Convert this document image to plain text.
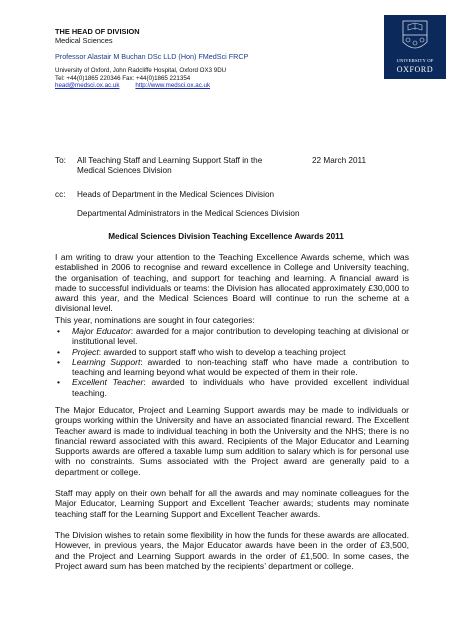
THE HEAD OF DIVISION
Medical Sciences
Professor Alastair M Buchan DSc LLD (Hon) FMedSci FRCP
University of Oxford, John Radcliffe Hospital, Oxford OX3 9DU
Tel: +44(0)1865 220346 Fax: +44(0)1865 221354
head@medsci.ox.ac.uk	http://www.medsci.ox.ac.uk
UNIVERSITY OF
OXFORD
To: All Teaching Staff and Learning Support Staff in the
Medical Sciences Division
22 March 2011
cc: Heads of Department in the Medical Sciences Division
Departmental Administrators in the Medical Sciences Division
Medical Sciences Division Teaching Excellence Awards 2011
I am writing to draw your attention to the Teaching Excellence Awards scheme, which was established in 2006 to recognise and reward excellence in College and University teaching, the organisation of teaching, and support for teaching and learning. A financial award is made to successful individuals or teams: the Division has allocated approximately £30,000 to award this year, and the Medical Sciences Board will continue to run the scheme at a divisional level.
This year, nominations are sought in four categories:
• Major Educator: awarded for a major contribution to developing teaching at divisional or institutional level.
• Project: awarded to support staff who wish to develop a teaching project
• Learning Support: awarded to non-teaching staff who have made a contribution to teaching and learning beyond what would be expected of them in their role.
• Excellent Teacher: awarded to individuals who have provided excellent individual teaching.
The Major Educator, Project and Learning Support awards may be made to individuals or groups working within the University and have an associated financial reward. The Excellent Teacher award is made to individual teaching in both the University and the NHS; there is no financial reward associated with this award. Recipients of the Major Educator and Learning Supports awards are offered a taxable lump sum addition to salary which is for personal use with no constraints. Sums associated with the Project award are generally paid to a department or college.
Staff may apply on their own behalf for all the awards and may nominate colleagues for the Major Educator, Learning Support and Excellent Teacher awards; students may nominate teaching staff for the Learning Support and Excellent Teacher awards.
The Division wishes to retain some flexibility in how the funds for these awards are allocated. However, in previous years, the Major Educator awards have been in the order of £3,500, and the Project and Learning Support awards in the order of £1,500. In some cases, the Project award sum has been matched by the recipients’ department or college.
